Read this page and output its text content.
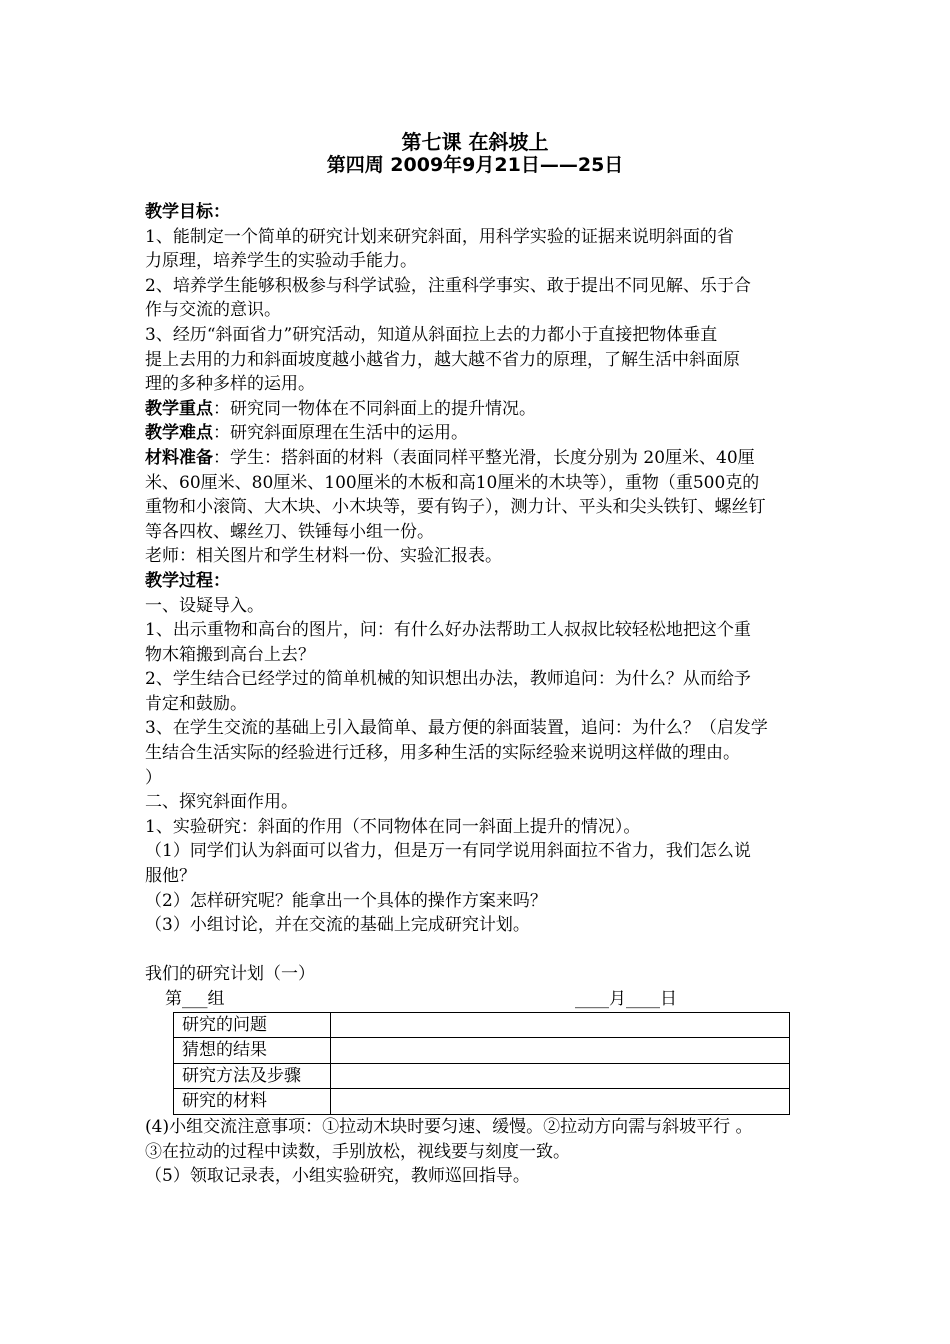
第七课 在斜坡上
第四周 2009年9月21日——25日

教学目标：

1、能制定一个简单的研究计划来研究斜面，用科学实验的证据来说明斜面的省

力原理，培养学生的实验动手能力。

2、培养学生能够积极参与科学试验，注重科学事实、敢于提出不同见解、乐于合

作与交流的意识。

3、经历“斜面省力”研究活动，知道从斜面拉上去的力都小于直接把物体垂直

提上去用的力和斜面坡度越小越省力，越大越不省力的原理，了解生活中斜面原

理的多种多样的运用。

教学重点：研究同一物体在不同斜面上的提升情况。

教学难点：研究斜面原理在生活中的运用。

材料准备：学生：搭斜面的材料（表面同样平整光滑，长度分别为 20厘米、40厘

米、60厘米、80厘米、100厘米的木板和高10厘米的木块等），重物（重500克的

重物和小滚筒、大木块、小木块等，要有钩子），测力计、平头和尖头铁钉、螺丝钉

等各四枚、螺丝刀、铁锤每小组一份。

老师：相关图片和学生材料一份、实验汇报表。

教学过程：

一、设疑导入。

1、出示重物和高台的图片，问：有什么好办法帮助工人叔叔比较轻松地把这个重

物木箱搬到高台上去？

2、学生结合已经学过的简单机械的知识想出办法，教师追问：为什么？从而给予

肯定和鼓励。

3、在学生交流的基础上引入最简单、最方便的斜面装置，追问：为什么？（启发学

生结合生活实际的经验进行迁移，用多种生活的实际经验来说明这样做的理由。

）

二、探究斜面作用。

1、实验研究：斜面的作用（不同物体在同一斜面上提升的情况）。

（1）同学们认为斜面可以省力，但是万一有同学说用斜面拉不省力，我们怎么说

服他？

（2）怎样研究呢？能拿出一个具体的操作方案来吗？

（3）小组讨论，并在交流的基础上完成研究计划。

我们的研究计划（一）

第___组	____月____日
研究的问题	
猜想的结果	
研究方法及步骤	
研究的材料	

(4)小组交流注意事项：①拉动木块时要匀速、缓慢。②拉动方向需与斜坡平行 。

③在拉动的过程中读数，手别放松，视线要与刻度一致。

（5）领取记录表，小组实验研究，教师巡回指导。
